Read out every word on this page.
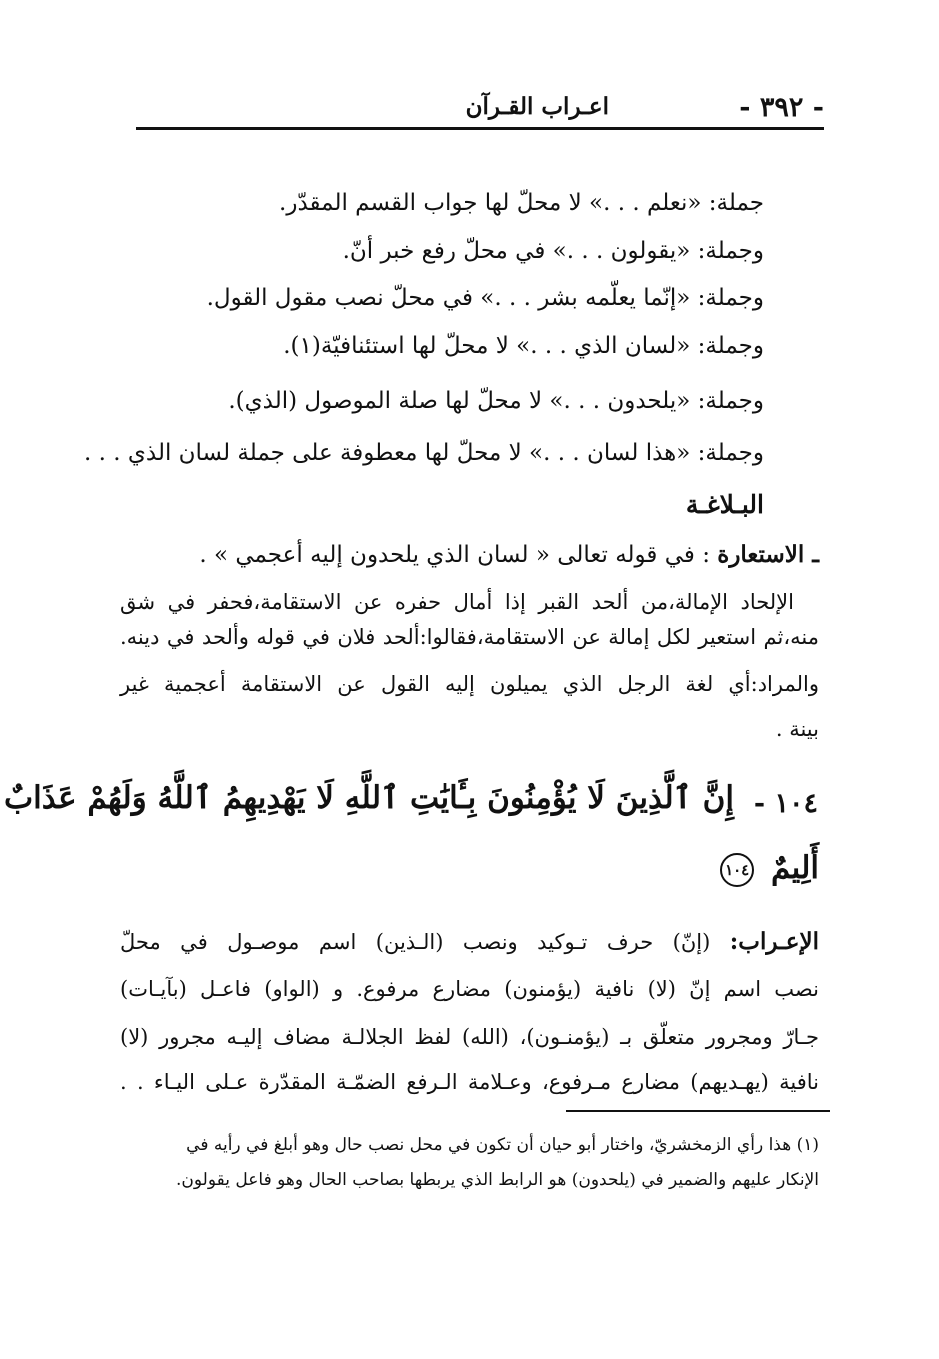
- ٣٩٢ -
اعـراب القـرآن
جملة: «نعلم . . .» لا محلّ لها جواب القسم المقدّر.
وجملة: «يقولون . . .» في محلّ رفع خبر أنّ.
وجملة: «إنّما يعلّمه بشر . . .» في محلّ نصب مقول القول.
وجملة: «لسان الذي . . .» لا محلّ لها استئنافيّة(١).
وجملة: «يلحدون . . .» لا محلّ لها صلة الموصول (الذي).
وجملة: «هذا لسان . . .» لا محلّ لها معطوفة على جملة لسان الذي . . .
البـلاغـة
ـ الاستعارة : في قوله تعالى « لسان الذي يلحدون إليه أعجمي » .
الإلحاد الإمالة،من ألحد القبر إذا أمال حفره عن الاستقامة،فحفر في شق
منه،ثم استعير لكل إمالة عن الاستقامة،فقالوا:ألحد فلان في قوله وألحد في دينه.
والمراد:أي لغة الرجل الذي يميلون إليه القول عن الاستقامة أعجمية غير
بينة .
١٠٤ -
إِنَّ ٱلَّذِينَ لَا يُؤْمِنُونَ بِـَٔايَٰتِ ٱللَّهِ لَا يَهْدِيهِمُ ٱللَّهُ وَلَهُمْ عَذَابٌ
أَلِيمٌ ١٠٤
الإعـراب: (إنّ) حرف تـوكيد ونصب (الـذين) اسم موصـول في محلّ
نصب اسم إنّ (لا) نافية (يؤمنون) مضارع مرفوع. و (الواو) فاعـل (بآيـات)
جـارّ ومجرور متعلّق بـ (يؤمنـون)، (الله) لفظ الجلالـة مضاف إليـه مجرور (لا)
نافية (يهـديهم) مضارع مـرفوع، وعـلامة الـرفع الضمّـة المقدّرة عـلى اليـاء . .
(١) هذا رأي الزمخشريّ، واختار أبو حيان أن تكون في محل نصب حال وهو أبلغ في رأيه في
الإنكار عليهم والضمير في (يلحدون) هو الرابط الذي يربطها بصاحب الحال وهو فاعل يقولون.
